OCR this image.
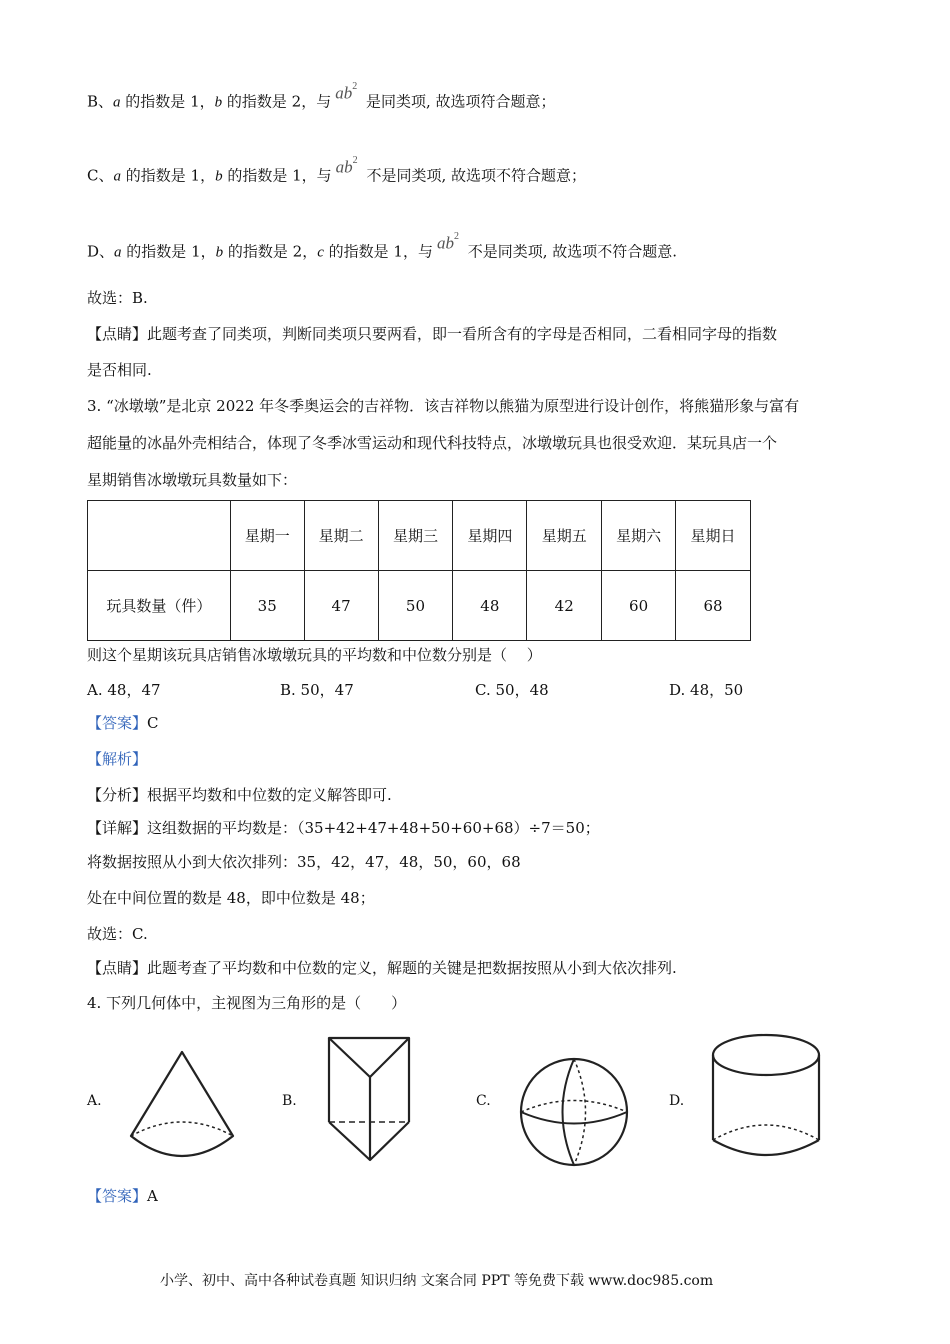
B、a 的指数是 1，b 的指数是 2，与 $ab^2$ 是同类项, 故选项符合题意；
C、a 的指数是 1，b 的指数是 1，与 $ab^2$ 不是同类项, 故选项不符合题意；
D、a 的指数是 1，b 的指数是 2，c 的指数是 1，与 $ab^2$ 不是同类项, 故选项不符合题意.
故选：B.
【点睛】此题考查了同类项，判断同类项只要两看，即一看所含有的字母是否相同，二看相同字母的指数
是否相同.
3. “冰墩墩”是北京 2022 年冬季奥运会的吉祥物．该吉祥物以熊猫为原型进行设计创作，将熊猫形象与富有
超能量的冰晶外壳相结合，体现了冬季冰雪运动和现代科技特点，冰墩墩玩具也很受欢迎．某玩具店一个
星期销售冰墩墩玩具数量如下：
	星期一	星期二	星期三	星期四	星期五	星期六	星期日
玩具数量（件）	35	47	50	48	42	60	68
则这个星期该玩具店销售冰墩墩玩具的平均数和中位数分别是（　 ）
A. 48，47	B. 50，47	C. 50，48	D. 48，50
【答案】C
【解析】
【分析】根据平均数和中位数的定义解答即可.
【详解】这组数据的平均数是：（35+42+47+48+50+60+68）÷7＝50；
将数据按照从小到大依次排列：35，42，47，48，50，60，68
处在中间位置的数是 48，即中位数是 48；
故选：C.
【点睛】此题考查了平均数和中位数的定义，解题的关键是把数据按照从小到大依次排列.
4. 下列几何体中，主视图为三角形的是（　　）
A.	B.	C.	D.
【答案】A
小学、初中、高中各种试卷真题 知识归纳 文案合同 PPT 等免费下载 www.doc985.com
